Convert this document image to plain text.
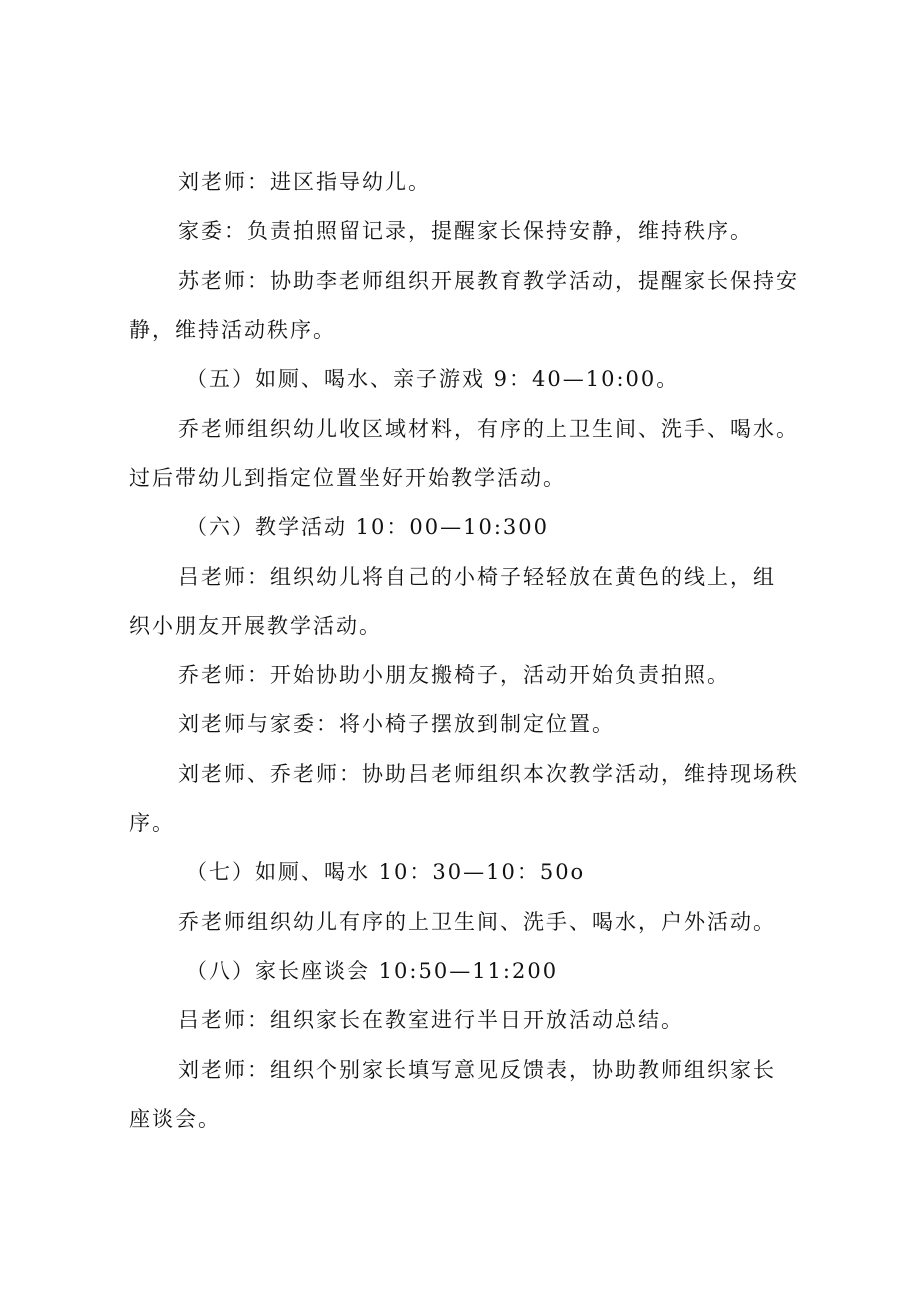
刘老师：进区指导幼儿。
家委：负责拍照留记录，提醒家长保持安静，维持秩序。
苏老师：协助李老师组织开展教育教学活动，提醒家长保持安
静，维持活动秩序。
（五）如厕、喝水、亲子游戏 9：40—10:00。
乔老师组织幼儿收区域材料，有序的上卫生间、洗手、喝水。
过后带幼儿到指定位置坐好开始教学活动。
（六）教学活动 10：00—10:300
吕老师：组织幼儿将自己的小椅子轻轻放在黄色的线上，组
织小朋友开展教学活动。
乔老师：开始协助小朋友搬椅子，活动开始负责拍照。
刘老师与家委：将小椅子摆放到制定位置。
刘老师、乔老师：协助吕老师组织本次教学活动，维持现场秩
序。
（七）如厕、喝水 10：30—10：50o
乔老师组织幼儿有序的上卫生间、洗手、喝水，户外活动。
（八）家长座谈会 10:50—11:200
吕老师：组织家长在教室进行半日开放活动总结。
刘老师：组织个别家长填写意见反馈表，协助教师组织家长
座谈会。
